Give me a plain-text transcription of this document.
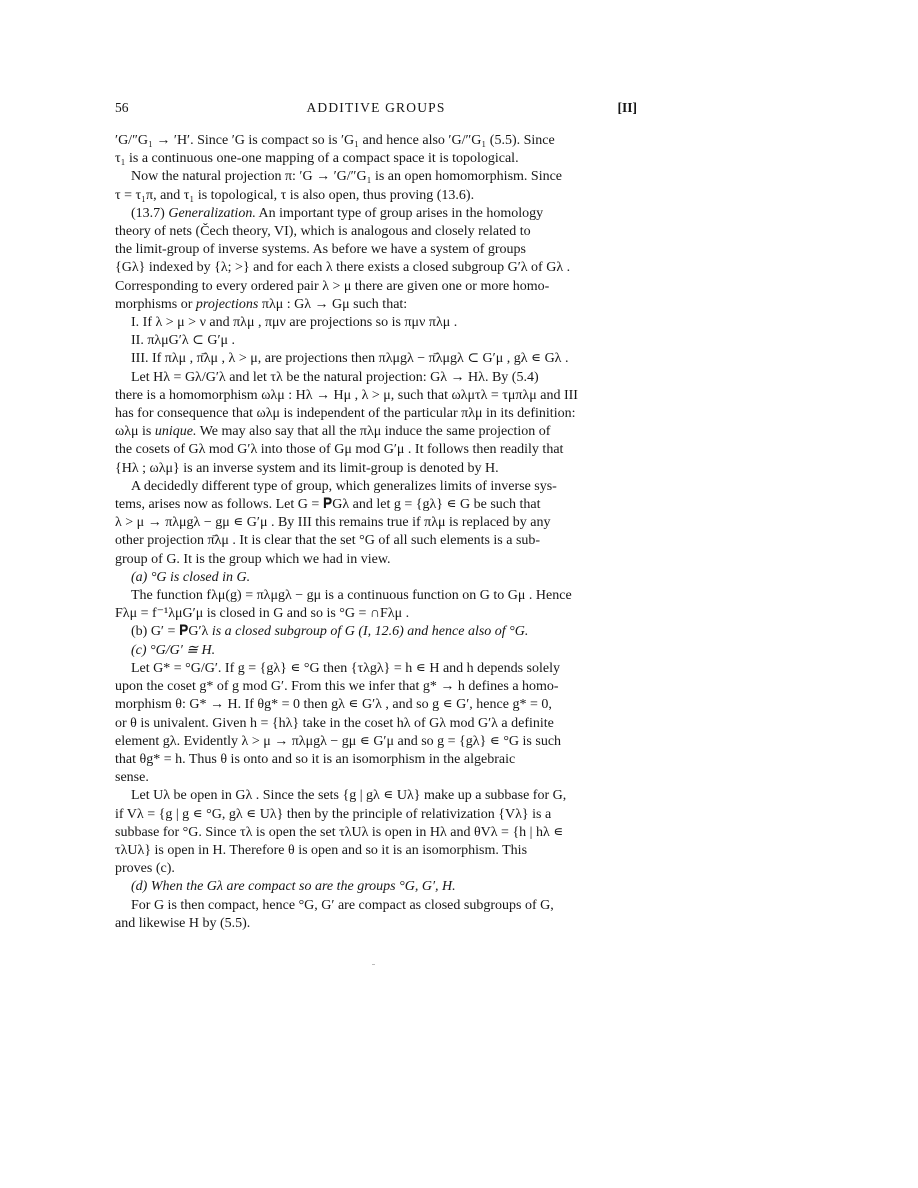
56	ADDITIVE GROUPS	[II]

′G/″G₁ → ′H′. Since ′G is compact so is ′G₁ and hence also ′G/″G₁ (5.5). Since

τ₁ is a continuous one-one mapping of a compact space it is topological.

Now the natural projection π: ′G → ′G/″G₁ is an open homomorphism. Since

τ = τ₁π, and τ₁ is topological, τ is also open, thus proving (13.6).

(13.7) Generalization. An important type of group arises in the homology

theory of nets (Čech theory, VI), which is analogous and closely related to

the limit-group of inverse systems. As before we have a system of groups

{Gλ} indexed by {λ; >} and for each λ there exists a closed subgroup G′λ of Gλ .

Corresponding to every ordered pair λ > μ there are given one or more homo-

morphisms or projections πλμ : Gλ → Gμ such that:

I. If λ > μ > ν and πλμ , πμν are projections so is πμν πλμ .

II. πλμG′λ ⊂ G′μ .

III. If πλμ , π̄λμ , λ > μ, are projections then πλμgλ − π̄λμgλ ⊂ G′μ , gλ ∊ Gλ .

Let Hλ = Gλ/G′λ and let τλ be the natural projection: Gλ → Hλ. By (5.4)

there is a homomorphism ωλμ : Hλ → Hμ , λ > μ, such that ωλμτλ = τμπλμ and III

has for consequence that ωλμ is independent of the particular πλμ in its definition:

ωλμ is unique. We may also say that all the πλμ induce the same projection of

the cosets of Gλ mod G′λ into those of Gμ mod G′μ . It follows then readily that

{Hλ ; ωλμ} is an inverse system and its limit-group is denoted by H.

A decidedly different type of group, which generalizes limits of inverse sys-

tems, arises now as follows. Let G = 𝐏Gλ and let g = {gλ} ∊ G be such that

λ > μ → πλμgλ − gμ ∊ G′μ . By III this remains true if πλμ is replaced by any

other projection π̄λμ . It is clear that the set °G of all such elements is a sub-

group of G. It is the group which we had in view.

(a) °G is closed in G.

The function fλμ(g) = πλμgλ − gμ is a continuous function on G to Gμ . Hence

Fλμ = f⁻¹λμG′μ is closed in G and so is °G = ∩Fλμ .

(b) G′ = 𝐏G′λ is a closed subgroup of G (I, 12.6) and hence also of °G.

(c) °G/G′ ≅ H.

Let G* = °G/G′. If g = {gλ} ∊ °G then {τλgλ} = h ∊ H and h depends solely

upon the coset g* of g mod G′. From this we infer that g* → h defines a homo-

morphism θ: G* → H. If θg* = 0 then gλ ∊ G′λ , and so g ∊ G′, hence g* = 0,

or θ is univalent. Given h = {hλ} take in the coset hλ of Gλ mod G′λ a definite

element gλ. Evidently λ > μ → πλμgλ − gμ ∊ G′μ and so g = {gλ} ∊ °G is such

that θg* = h. Thus θ is onto and so it is an isomorphism in the algebraic

sense.

Let Uλ be open in Gλ . Since the sets {g | gλ ∊ Uλ} make up a subbase for G,

if Vλ = {g | g ∊ °G, gλ ∊ Uλ} then by the principle of relativization {Vλ} is a

subbase for °G. Since τλ is open the set τλUλ is open in Hλ and θVλ = {h | hλ ∊

τλUλ} is open in H. Therefore θ is open and so it is an isomorphism. This

proves (c).

(d) When the Gλ are compact so are the groups °G, G′, H.

For G is then compact, hence °G, G′ are compact as closed subgroups of G,

and likewise H by (5.5).
